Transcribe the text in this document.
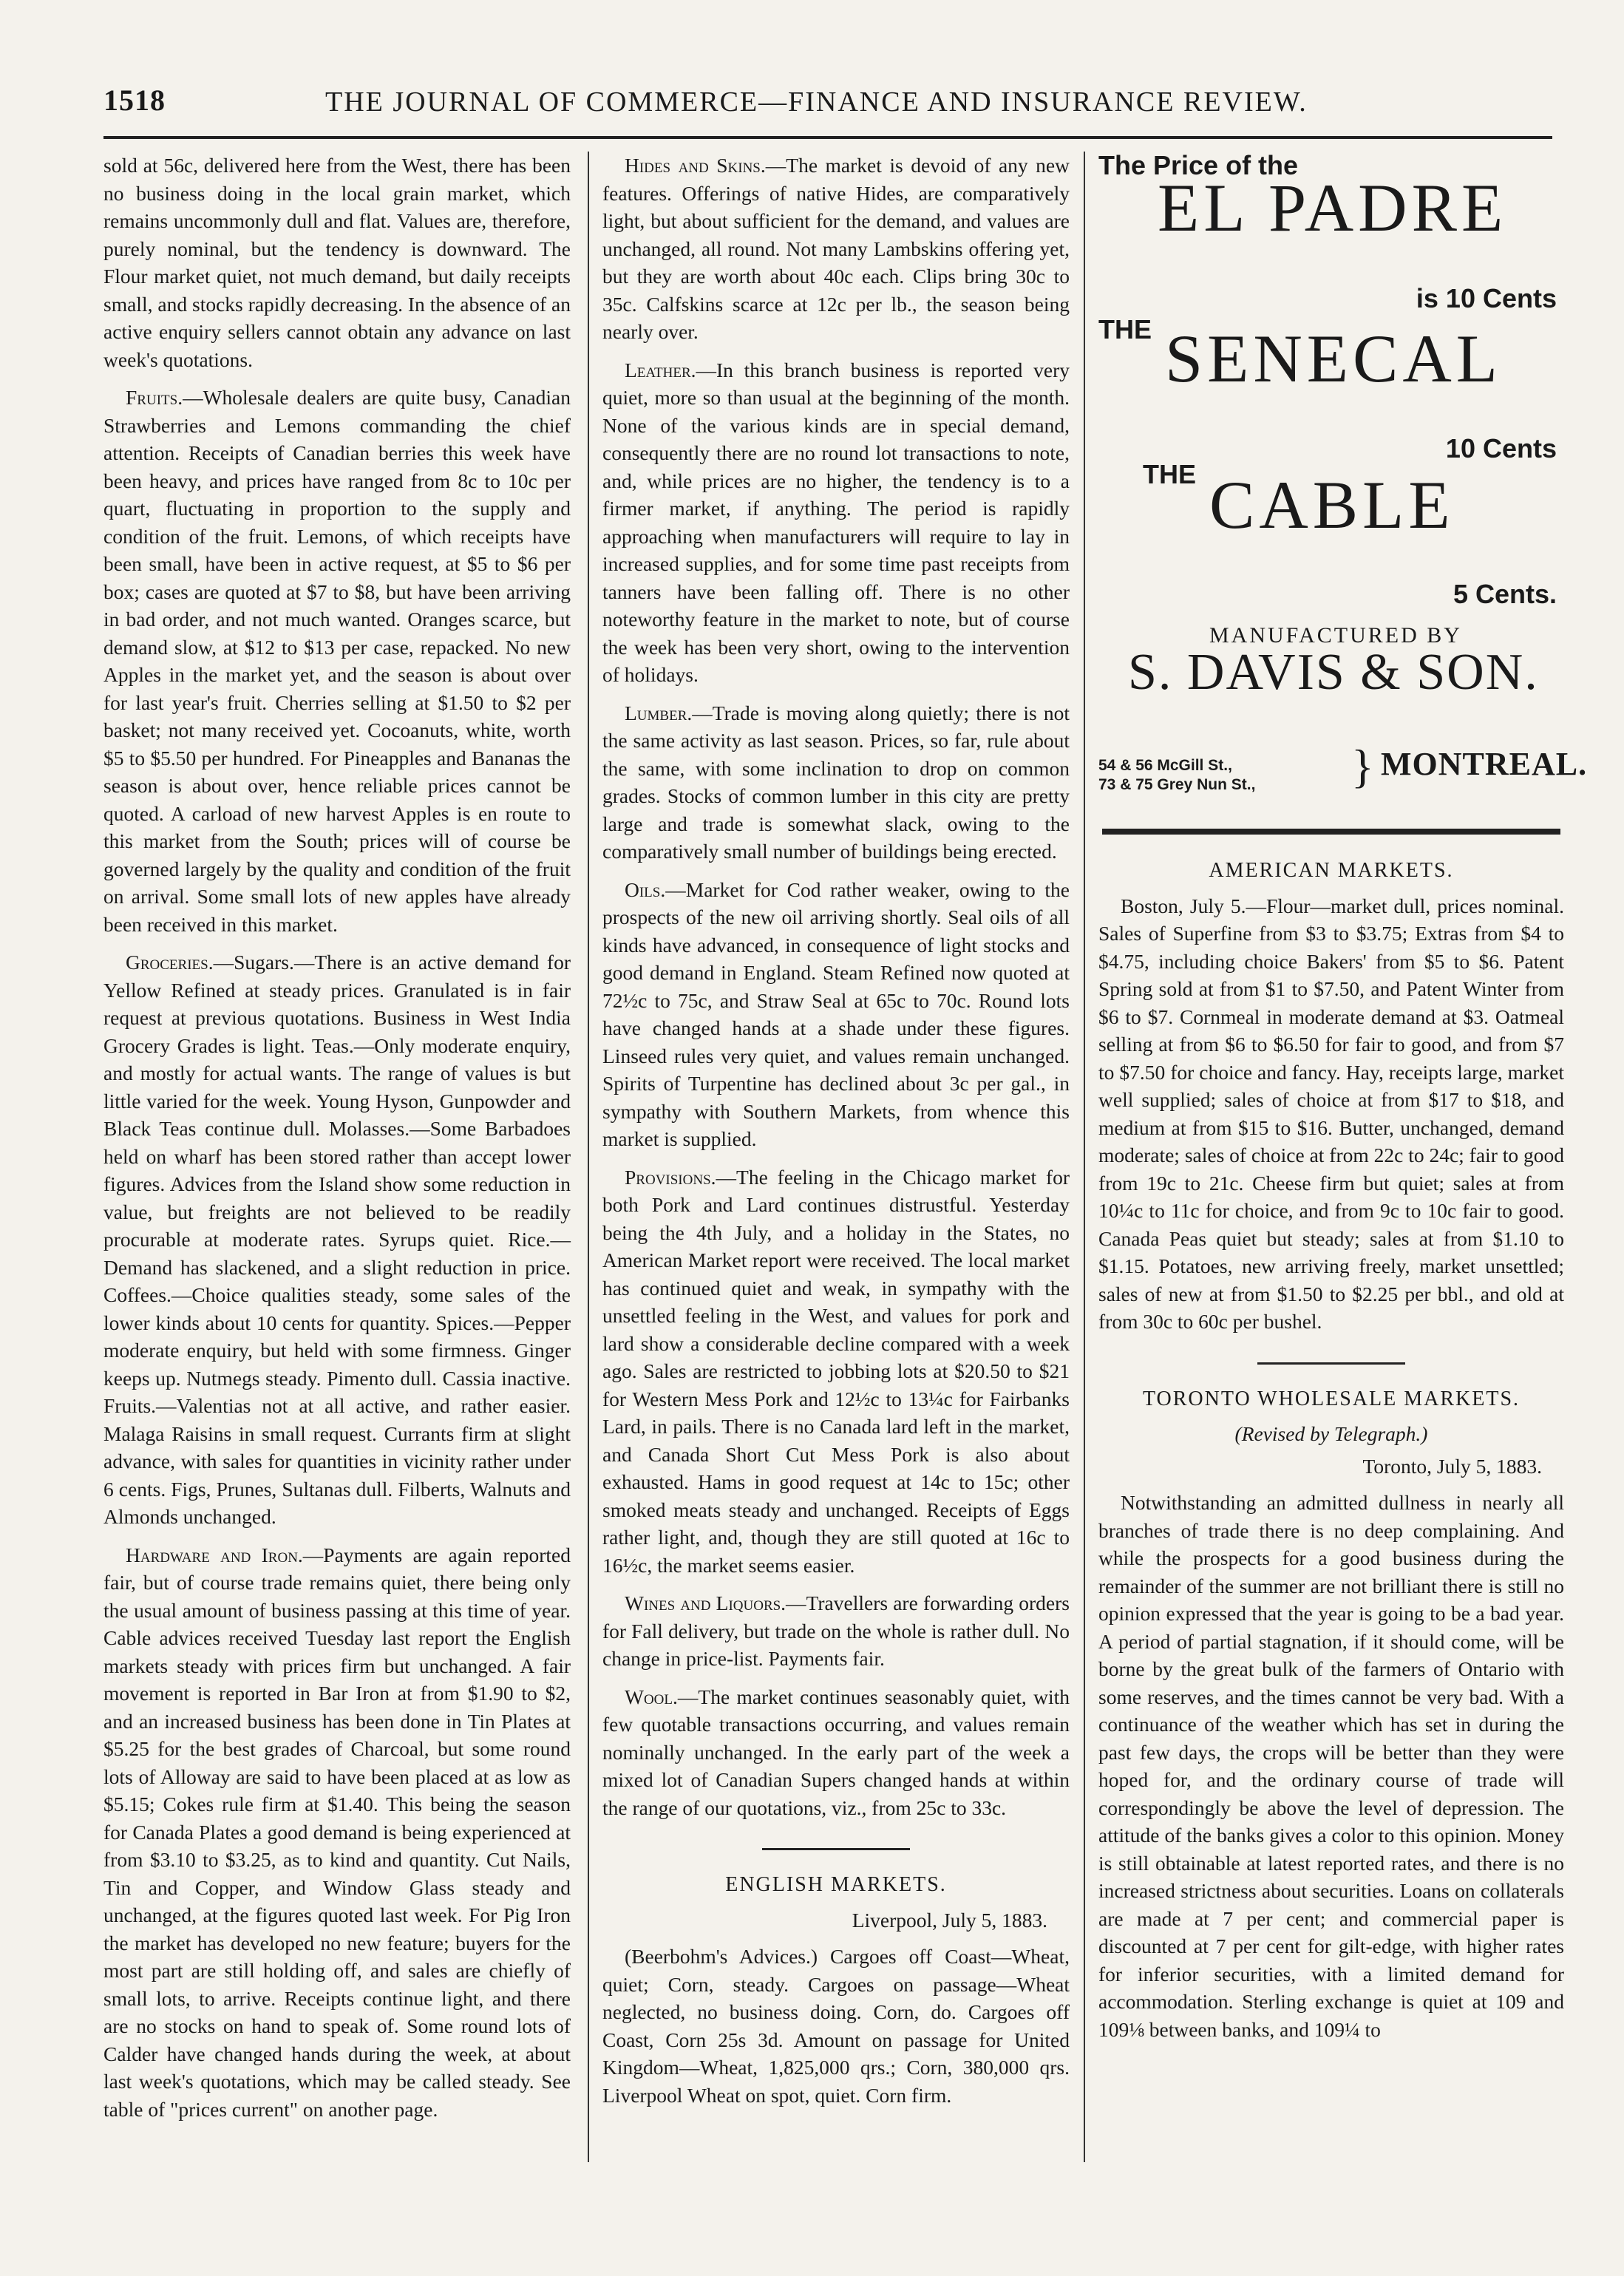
1518	THE JOURNAL OF COMMERCE—FINANCE AND INSURANCE REVIEW.

sold at 56c, delivered here from the West, there has been no business doing in the local grain market, which remains uncommonly dull and flat. Values are, therefore, purely nominal, but the tendency is downward. The Flour market quiet, not much demand, but daily receipts small, and stocks rapidly decreasing. In the absence of an active enquiry sellers cannot obtain any advance on last week's quotations.

Fruits.—Wholesale dealers are quite busy, Canadian Strawberries and Lemons commanding the chief attention. Receipts of Canadian berries this week have been heavy, and prices have ranged from 8c to 10c per quart, fluctuating in proportion to the supply and condition of the fruit. Lemons, of which receipts have been small, have been in active request, at $5 to $6 per box; cases are quoted at $7 to $8, but have been arriving in bad order, and not much wanted. Oranges scarce, but demand slow, at $12 to $13 per case, repacked. No new Apples in the market yet, and the season is about over for last year's fruit. Cherries selling at $1.50 to $2 per basket; not many received yet. Cocoanuts, white, worth $5 to $5.50 per hundred. For Pineapples and Bananas the season is about over, hence reliable prices cannot be quoted. A carload of new harvest Apples is en route to this market from the South; prices will of course be governed largely by the quality and condition of the fruit on arrival. Some small lots of new apples have already been received in this market.

Groceries.—Sugars.—There is an active demand for Yellow Refined at steady prices. Granulated is in fair request at previous quotations. Business in West India Grocery Grades is light. Teas.—Only moderate enquiry, and mostly for actual wants. The range of values is but little varied for the week. Young Hyson, Gunpowder and Black Teas continue dull. Molasses.—Some Barbadoes held on wharf has been stored rather than accept lower figures. Advices from the Island show some reduction in value, but freights are not believed to be readily procurable at moderate rates. Syrups quiet. Rice.—Demand has slackened, and a slight reduction in price. Coffees.—Choice qualities steady, some sales of the lower kinds about 10 cents for quantity. Spices.—Pepper moderate enquiry, but held with some firmness. Ginger keeps up. Nutmegs steady. Pimento dull. Cassia inactive. Fruits.—Valentias not at all active, and rather easier. Malaga Raisins in small request. Currants firm at slight advance, with sales for quantities in vicinity rather under 6 cents. Figs, Prunes, Sultanas dull. Filberts, Walnuts and Almonds unchanged.

Hardware and Iron.—Payments are again reported fair, but of course trade remains quiet, there being only the usual amount of business passing at this time of year. Cable advices received Tuesday last report the English markets steady with prices firm but unchanged. A fair movement is reported in Bar Iron at from $1.90 to $2, and an increased business has been done in Tin Plates at $5.25 for the best grades of Charcoal, but some round lots of Alloway are said to have been placed at as low as $5.15; Cokes rule firm at $1.40. This being the season for Canada Plates a good demand is being experienced at from $3.10 to $3.25, as to kind and quantity. Cut Nails, Tin and Copper, and Window Glass steady and unchanged, at the figures quoted last week. For Pig Iron the market has developed no new feature; buyers for the most part are still holding off, and sales are chiefly of small lots, to arrive. Receipts continue light, and there are no stocks on hand to speak of. Some round lots of Calder have changed hands during the week, at about last week's quotations, which may be called steady. See table of "prices current" on another page.

Hides and Skins.—The market is devoid of any new features. Offerings of native Hides, are comparatively light, but about sufficient for the demand, and values are unchanged, all round. Not many Lambskins offering yet, but they are worth about 40c each. Clips bring 30c to 35c. Calfskins scarce at 12c per lb., the season being nearly over.

Leather.—In this branch business is reported very quiet, more so than usual at the beginning of the month. None of the various kinds are in special demand, consequently there are no round lot transactions to note, and, while prices are no higher, the tendency is to a firmer market, if anything. The period is rapidly approaching when manufacturers will require to lay in increased supplies, and for some time past receipts from tanners have been falling off. There is no other noteworthy feature in the market to note, but of course the week has been very short, owing to the intervention of holidays.

Lumber.—Trade is moving along quietly; there is not the same activity as last season. Prices, so far, rule about the same, with some inclination to drop on common grades. Stocks of common lumber in this city are pretty large and trade is somewhat slack, owing to the comparatively small number of buildings being erected.

Oils.—Market for Cod rather weaker, owing to the prospects of the new oil arriving shortly. Seal oils of all kinds have advanced, in consequence of light stocks and good demand in England. Steam Refined now quoted at 72½c to 75c, and Straw Seal at 65c to 70c. Round lots have changed hands at a shade under these figures. Linseed rules very quiet, and values remain unchanged. Spirits of Turpentine has declined about 3c per gal., in sympathy with Southern Markets, from whence this market is supplied.

Provisions.—The feeling in the Chicago market for both Pork and Lard continues distrustful. Yesterday being the 4th July, and a holiday in the States, no American Market report were received. The local market has continued quiet and weak, in sympathy with the unsettled feeling in the West, and values for pork and lard show a considerable decline compared with a week ago. Sales are restricted to jobbing lots at $20.50 to $21 for Western Mess Pork and 12½c to 13¼c for Fairbanks Lard, in pails. There is no Canada lard left in the market, and Canada Short Cut Mess Pork is also about exhausted. Hams in good request at 14c to 15c; other smoked meats steady and unchanged. Receipts of Eggs rather light, and, though they are still quoted at 16c to 16½c, the market seems easier.

Wines and Liquors.—Travellers are forwarding orders for Fall delivery, but trade on the whole is rather dull. No change in price-list. Payments fair.

Wool.—The market continues seasonably quiet, with few quotable transactions occurring, and values remain nominally unchanged. In the early part of the week a mixed lot of Canadian Supers changed hands at within the range of our quotations, viz., from 25c to 33c.

ENGLISH MARKETS.
Liverpool, July 5, 1883.

(Beerbohm's Advices.) Cargoes off Coast—Wheat, quiet; Corn, steady. Cargoes on passage—Wheat neglected, no business doing. Corn, do. Cargoes off Coast, Corn 25s 3d. Amount on passage for United Kingdom—Wheat, 1,825,000 qrs.; Corn, 380,000 qrs. Liverpool Wheat on spot, quiet. Corn firm.

The Price of the
EL PADRE
is 10 Cents
THE SENECAL
10 Cents
THE CABLE
5 Cents.
MANUFACTURED BY
S. DAVIS & SON.
54 & 56 McGill St.,
73 & 75 Grey Nun St., } MONTREAL.
AMERICAN MARKETS.

Boston, July 5.—Flour—market dull, prices nominal. Sales of Superfine from $3 to $3.75; Extras from $4 to $4.75, including choice Bakers' from $5 to $6. Patent Spring sold at from $1 to $7.50, and Patent Winter from $6 to $7. Cornmeal in moderate demand at $3. Oatmeal selling at from $6 to $6.50 for fair to good, and from $7 to $7.50 for choice and fancy. Hay, receipts large, market well supplied; sales of choice at from $17 to $18, and medium at from $15 to $16. Butter, unchanged, demand moderate; sales of choice at from 22c to 24c; fair to good from 19c to 21c. Cheese firm but quiet; sales at from 10¼c to 11c for choice, and from 9c to 10c fair to good. Canada Peas quiet but steady; sales at from $1.10 to $1.15. Potatoes, new arriving freely, market unsettled; sales of new at from $1.50 to $2.25 per bbl., and old at from 30c to 60c per bushel.

TORONTO WHOLESALE MARKETS.
(Revised by Telegraph.)
Toronto, July 5, 1883.

Notwithstanding an admitted dullness in nearly all branches of trade there is no deep complaining. And while the prospects for a good business during the remainder of the summer are not brilliant there is still no opinion expressed that the year is going to be a bad year. A period of partial stagnation, if it should come, will be borne by the great bulk of the farmers of Ontario with some reserves, and the times cannot be very bad. With a continuance of the weather which has set in during the past few days, the crops will be better than they were hoped for, and the ordinary course of trade will correspondingly be above the level of depression. The attitude of the banks gives a color to this opinion. Money is still obtainable at latest reported rates, and there is no increased strictness about securities. Loans on collaterals are made at 7 per cent; and commercial paper is discounted at 7 per cent for gilt-edge, with higher rates for inferior securities, with a limited demand for accommodation. Sterling exchange is quiet at 109 and 109⅛ between banks, and 109¼ to
